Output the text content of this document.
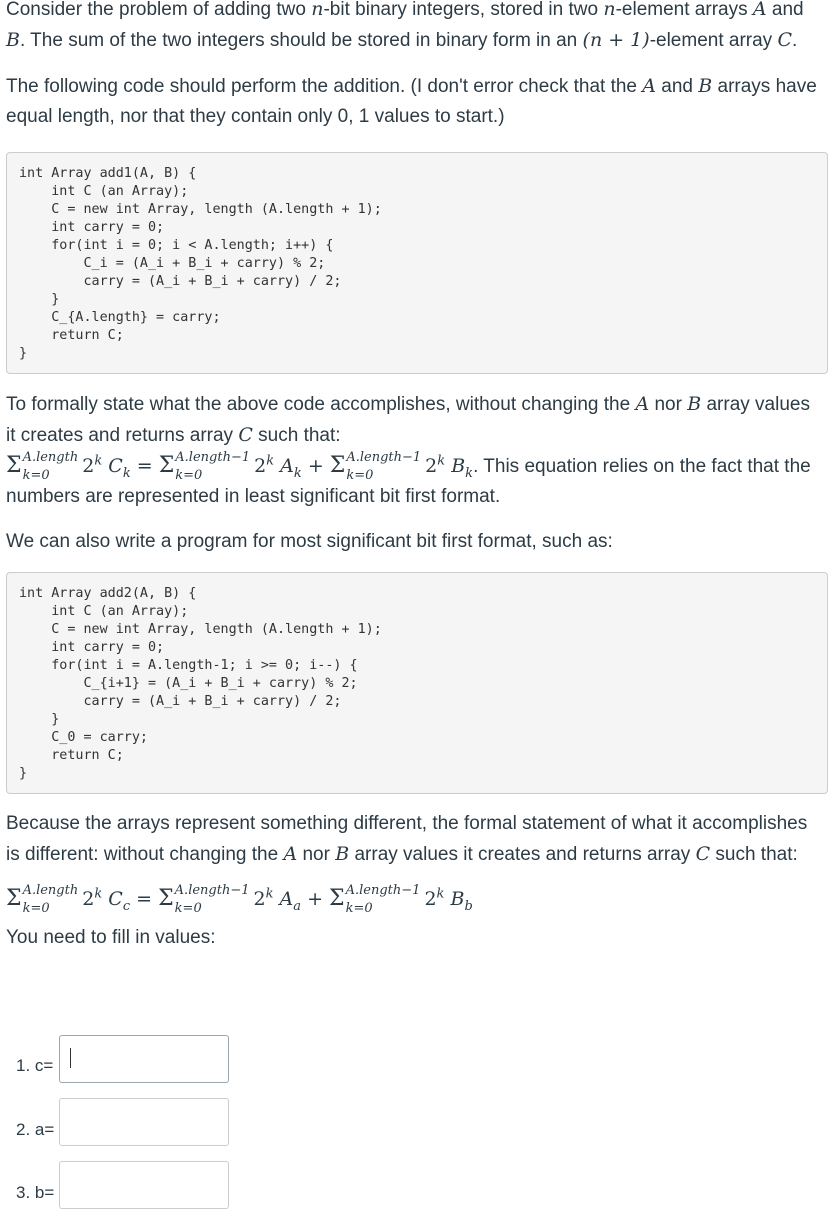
Consider the problem of adding two n-bit binary integers, stored in two n-element arrays A and B. The sum of the two integers should be stored in binary form in an (n + 1)-element array C.

The following code should perform the addition. (I don't error check that the A and B arrays have equal length, nor that they contain only 0, 1 values to start.)

int Array add1(A, B) {
int C (an Array);
C = new int Array, length (A.length + 1);
int carry = 0;
for(int i = 0; i < A.length; i++) {
C_i = (A_i + B_i + carry) % 2;
carry = (A_i + B_i + carry) / 2;
}
C_{A.length} = carry;
return C;
}

To formally state what the above code accomplishes, without changing the A nor B array values it creates and returns array C such that:
Σ A.length
k=0	2$^k$ $C_k = \Sigma$ A.length−1
k=0	2$^k$ $A_k + \Sigma$ A.length−1
k=0	2$^k$ $B_k$. This equation relies on the fact that the numbers are represented in least significant bit first format.

We can also write a program for most significant bit first format, such as:

int Array add2(A, B) {
int C (an Array);
C = new int Array, length (A.length + 1);
int carry = 0;
for(int i = A.length-1; i >= 0; i--) {
C_{i+1} = (A_i + B_i + carry) % 2;
carry = (A_i + B_i + carry) / 2;
}
C_0 = carry;
return C;
}

Because the arrays represent something different, the formal statement of what it accomplishes is different: without changing the A nor B array values it creates and returns array C such that:

Σ A.length
k=0	2$^k$ $C_c = \Sigma$ A.length−1
k=0	2$^k$ $A_a + \Sigma$ A.length−1
k=0	2$^k$ $B_b$

You need to fill in values:

1. c=
2. a=
3. b=
